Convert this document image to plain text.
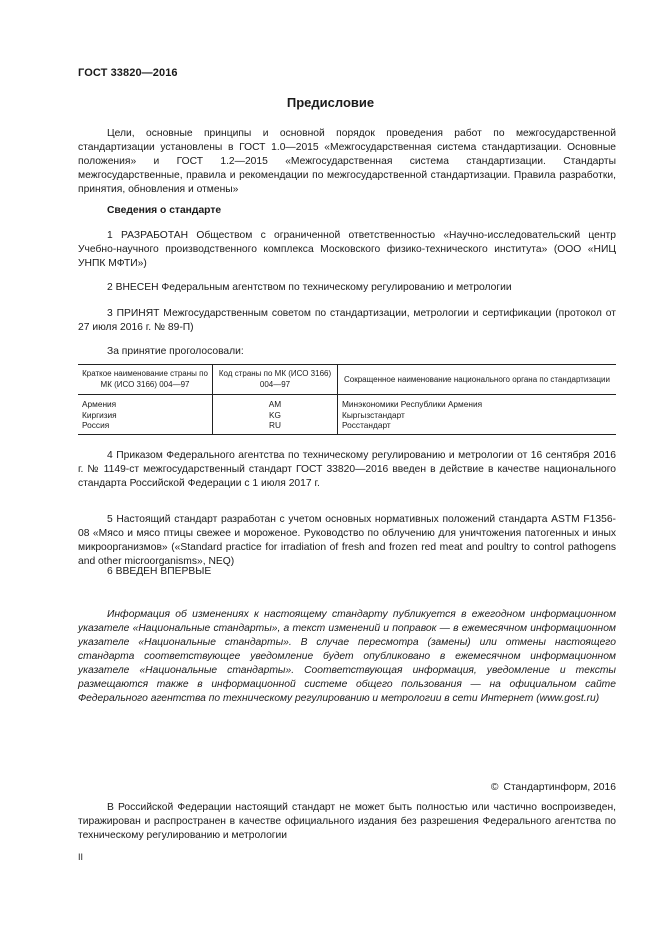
ГОСТ 33820—2016
Предисловие

Цели, основные принципы и основной порядок проведения работ по межгосударственной стандартизации установлены в ГОСТ 1.0—2015 «Межгосударственная система стандартизации. Основные положения» и ГОСТ 1.2—2015 «Межгосударственная система стандартизации. Стандарты межгосударственные, правила и рекомендации по межгосударственной стандартизации. Правила разработки, принятия, обновления и отмены»

Сведения о стандарте

1 РАЗРАБОТАН Обществом с ограниченной ответственностью «Научно-исследовательский центр Учебно-научного производственного комплекса Московского физико-технического института» (ООО «НИЦ УНПК МФТИ»)

2 ВНЕСЕН Федеральным агентством по техническому регулированию и метрологии

3 ПРИНЯТ Межгосударственным советом по стандартизации, метрологии и сертификации (протокол от 27 июля 2016 г. № 89-П)

За принятие проголосовали:
Краткое наименование страны по МК (ИСО 3166) 004—97	Код страны по МК (ИСО 3166) 004—97	Сокращенное наименование национального органа по стандартизации
Армения	AM	Минэкономики Республики Армения
Киргизия	KG	Кыргызстандарт
Россия	RU	Росстандарт

4 Приказом Федерального агентства по техническому регулированию и метрологии от 16 сентября 2016 г. № 1149-ст межгосударственный стандарт ГОСТ 33820—2016 введен в действие в качестве национального стандарта Российской Федерации с 1 июля 2017 г.

5 Настоящий стандарт разработан с учетом основных нормативных положений стандарта ASTM F1356-08 «Мясо и мясо птицы свежее и мороженое. Руководство по облучению для уничтожения патогенных и иных микроорганизмов» («Standard practice for irradiation of fresh and frozen red meat and poultry to control pathogens and other microorganisms», NEQ)

6 ВВЕДЕН ВПЕРВЫЕ

Информация об изменениях к настоящему стандарту публикуется в ежегодном информационном указателе «Национальные стандарты», а текст изменений и поправок — в ежемесячном информационном указателе «Национальные стандарты». В случае пересмотра (замены) или отмены настоящего стандарта соответствующее уведомление будет опубликовано в ежемесячном информационном указателе «Национальные стандарты». Соответствующая информация, уведомление и тексты размещаются также в информационной системе общего пользования — на официальном сайте Федерального агентства по техническому регулированию и метрологии в сети Интернет (www.gost.ru)

© Стандартинформ, 2016

В Российской Федерации настоящий стандарт не может быть полностью или частично воспроизведен, тиражирован и распространен в качестве официального издания без разрешения Федерального агентства по техническому регулированию и метрологии

II
